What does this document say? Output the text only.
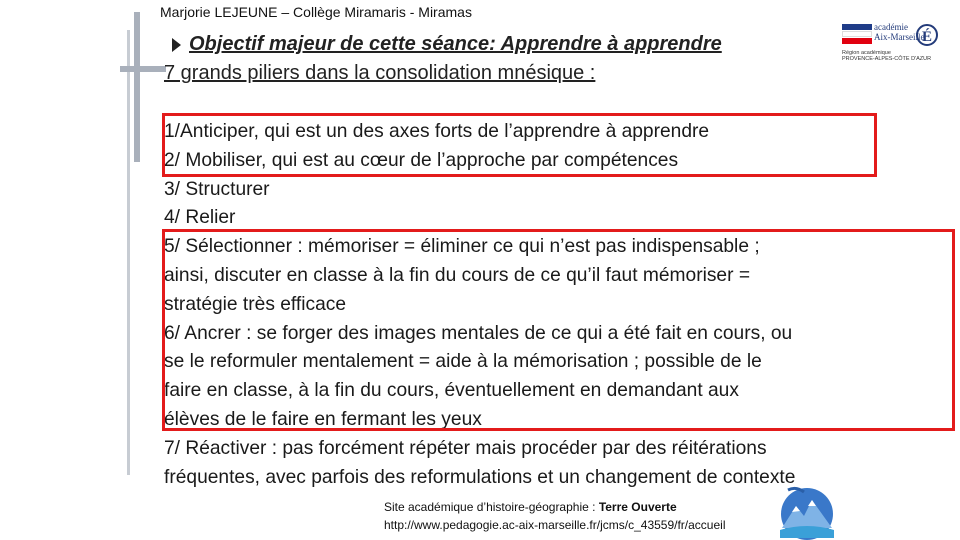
Marjorie LEJEUNE – Collège Miramaris - Miramas
Objectif majeur de cette séance: Apprendre à apprendre
7 grands piliers dans la consolidation mnésique :
académie
Aix-Marseille
É
Région académique
PROVENCE-ALPES-CÔTE D'AZUR

1/Anticiper, qui est un des axes forts de l’apprendre à apprendre

2/ Mobiliser, qui est au cœur de l’approche par compétences

3/ Structurer

4/ Relier

5/ Sélectionner : mémoriser = éliminer ce qui n’est pas indispensable ;
ainsi, discuter en classe à la fin du cours de ce qu’il faut mémoriser =
stratégie très efficace

6/ Ancrer : se forger des images mentales de ce qui a été fait en cours, ou
se le reformuler mentalement = aide à la mémorisation ; possible de le
faire en classe, à la fin du cours, éventuellement en demandant aux
élèves de le faire en fermant les yeux

7/ Réactiver : pas forcément répéter mais procéder par des réitérations
fréquentes, avec parfois des reformulations et un changement de contexte

Site académique d’histoire-géographie : Terre Ouverte
http://www.pedagogie.ac-aix-marseille.fr/jcms/c_43559/fr/accueil
